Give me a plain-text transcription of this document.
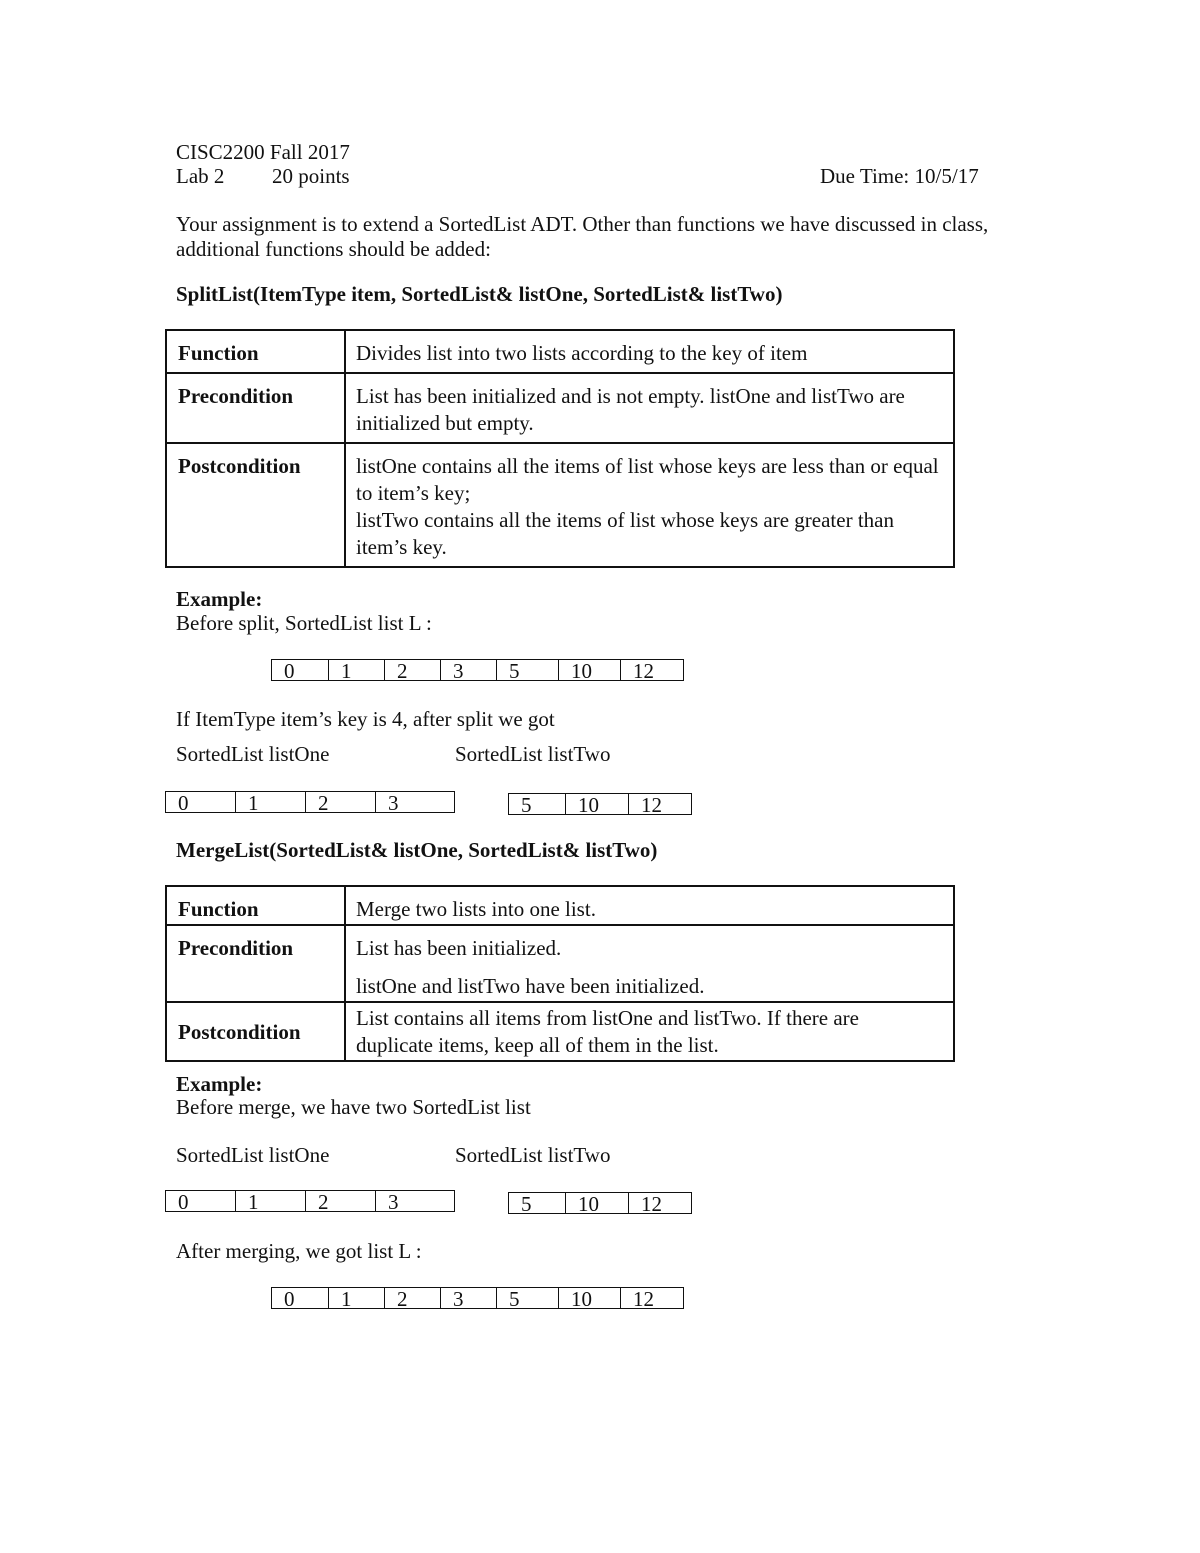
CISC2200 Fall 2017
Lab 2 20 points	Due Time: 10/5/17
Your assignment is to extend a SortedList ADT. Other than functions we have discussed in class, additional functions should be added:
SplitList(ItemType item, SortedList& listOne, SortedList& listTwo)
Function	Divides list into two lists according to the key of item
Precondition	List has been initialized and is not empty. listOne and listTwo are initialized but empty.
Postcondition	listOne contains all the items of list whose keys are less than or equal to item’s key;

listTwo contains all the items of list whose keys are greater than item’s key.

Example:
Before split, SortedList list L :
0	1	2	3	5	10	12
If ItemType item’s key is 4, after split we got
SortedList listOne	SortedList listTwo
0	1	2	3	5	10	12
MergeList(SortedList& listOne, SortedList& listTwo)
Function	Merge two lists into one list.
Precondition	List has been initialized.

listOne and listTwo have been initialized.

Postcondition	List contains all items from listOne and listTwo. If there are duplicate items, keep all of them in the list.
Example:
Before merge, we have two SortedList list
SortedList listOne	SortedList listTwo
0	1	2	3	5	10	12
After merging, we got list L :
0	1	2	3	5	10	12
